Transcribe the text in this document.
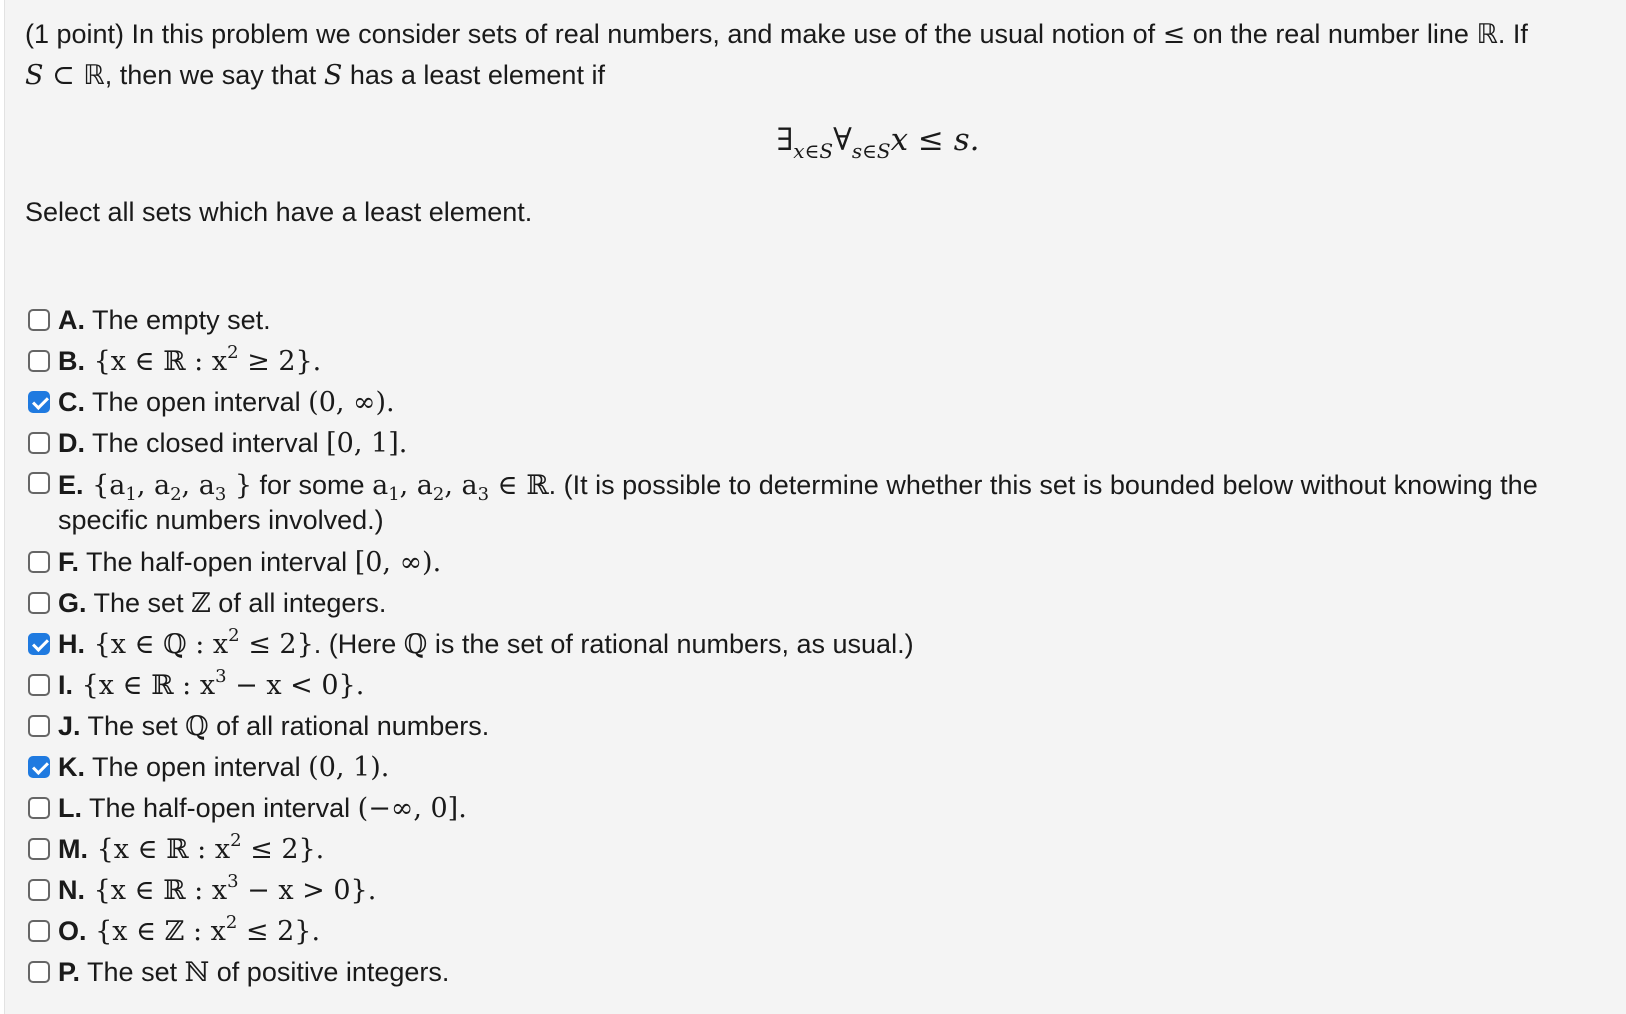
(1 point) In this problem we consider sets of real numbers, and make use of the usual notion of ≤ on the real number line ℝ. If
S ⊂ ℝ, then we say that S has a least element if
$\exists_{x\in S}\forall_{s\in S}x \le s$.
Select all sets which have a least element.
A. The empty set.
B. {x ∈ ℝ : $x^2 \ge 2$}.
C. The open interval (0, ∞).
D. The closed interval [0, 1].
E. {$a_1$, $a_2$, $a_3$ } for some $a_1$, $a_2$, $a_3$ ∈ ℝ. (It is possible to determine whether this set is bounded below without knowing the specific numbers involved.)
F. The half-open interval [0, ∞).
G. The set ℤ of all integers.
H. {x ∈ ℚ : $x^2 \le 2$}. (Here ℚ is the set of rational numbers, as usual.)
I. {x ∈ ℝ : $x^3 - x < 0$}.
J. The set ℚ of all rational numbers.
K. The open interval (0, 1).
L. The half-open interval (−∞, 0].
M. {x ∈ ℝ : $x^2 \le 2$}.
N. {x ∈ ℝ : $x^3 - x > 0$}.
O. {x ∈ ℤ : $x^2 \le 2$}.
P. The set ℕ of positive integers.
